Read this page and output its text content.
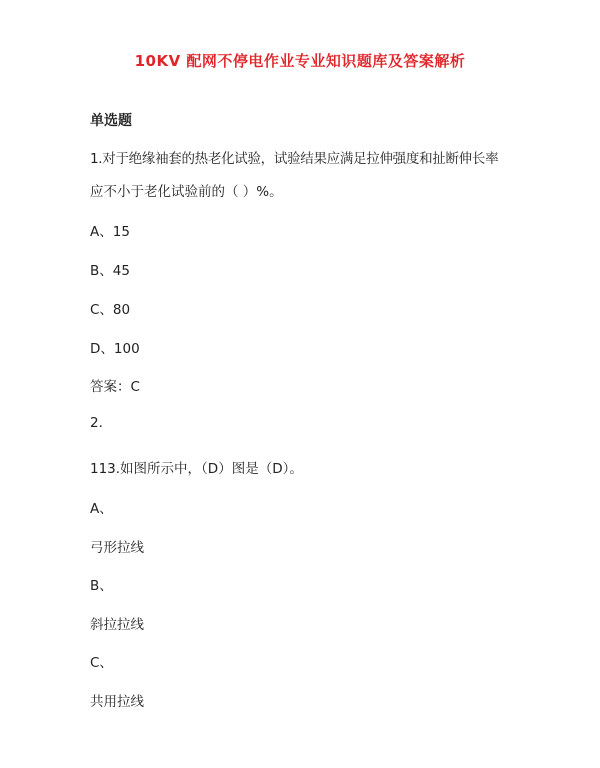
10KV 配网不停电作业专业知识题库及答案解析
单选题
1.对于绝缘袖套的热老化试验，试验结果应满足拉伸强度和扯断伸长率
应不小于老化试验前的（ ）%。
A、15
B、45
C、80
D、100
答案：C
2.
113.如图所示中，（D）图是（D）。
A、
弓形拉线
B、
斜拉拉线
C、
共用拉线
